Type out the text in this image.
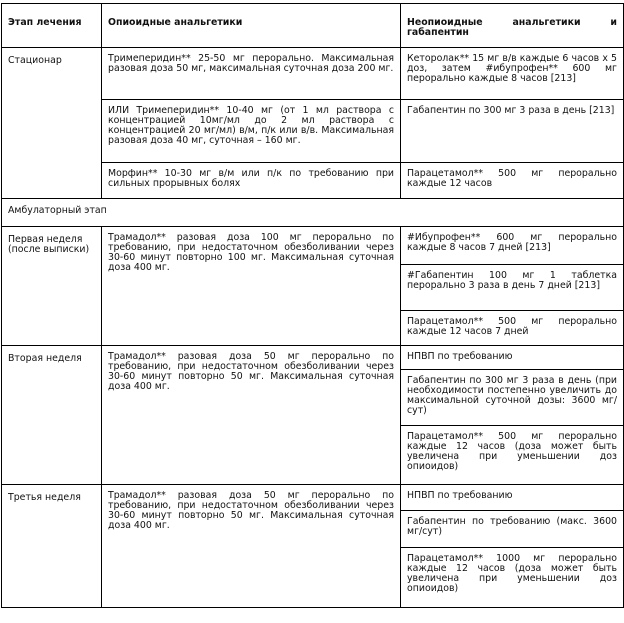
Этап лечения	Опиоидные анальгетики	Неопиоидные анальгетики и габапентин
Стационар	Тримеперидин** 25-50 мг перорально. Максимальная разовая доза 50 мг, максимальная суточная доза 200 мг.	Кеторолак** 15 мг в/в каждые 6 часов х 5 доз, затем #ибупрофен** 600 мг перорально каждые 8 часов [213]
	ИЛИ Тримеперидин** 10-40 мг (от 1 мл раствора с концентрацией 10мг/мл до 2 мл раствора с концентрацией 20 мг/мл) в/м, п/к или в/в. Максимальная разовая доза 40 мг, суточная – 160 мг.	Габапентин по 300 мг 3 раза в день [213]
	Морфин** 10-30 мг в/м или п/к по требованию при сильных прорывных болях	Парацетамол** 500 мг перорально каждые 12 часов
Амбулаторный этап		
Первая неделя (после выписки)	Трамадол** разовая доза 100 мг перорально по требованию, при недостаточном обезболивании через 30-60 минут повторно 100 мг. Максимальная суточная доза 400 мг.	#Ибупрофен** 600 мг перорально каждые 8 часов 7 дней [213]
		#Габапентин 100 мг 1 таблетка перорально 3 раза в день 7 дней [213]
		Парацетамол** 500 мг перорально каждые 12 часов 7 дней
Вторая неделя	Трамадол** разовая доза 50 мг перорально по требованию, при недостаточном обезболивании через 30-60 минут повторно 50 мг. Максимальная суточная доза 400 мг.	НПВП по требованию
		Габапентин по 300 мг 3 раза в день (при необходимости постепенно увеличить до максимальной суточной дозы: 3600 мг/сут)
		Парацетамол** 500 мг перорально каждые 12 часов (доза может быть увеличена при уменьшении доз опиоидов)
Третья неделя	Трамадол** разовая доза 50 мг перорально по требованию, при недостаточном обезболивании через 30-60 минут повторно 50 мг. Максимальная суточная доза 400 мг.	НПВП по требованию
		Габапентин по требованию (макс. 3600 мг/сут)
		Парацетамол** 1000 мг перорально каждые 12 часов (доза может быть увеличена при уменьшении доз опиоидов)
